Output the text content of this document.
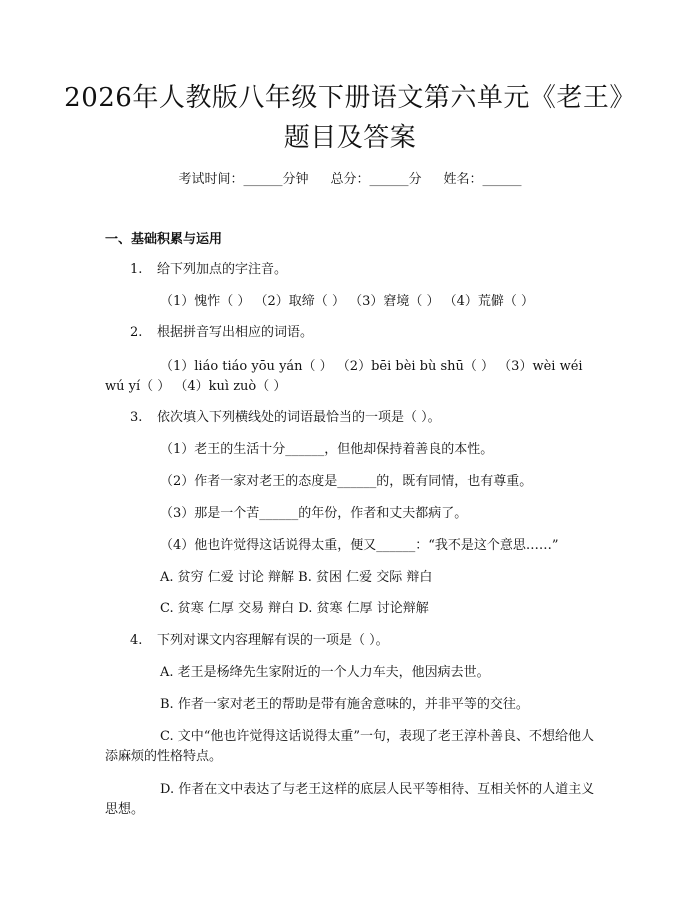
2026年人教版八年级下册语文第六单元《老王》题目及答案
考试时间：______分钟 总分：______分 姓名：______
一、基础积累与运用
1. 给下列加点的字注音。
（1）愧怍（ ） （2）取缔（ ） （3）窘境（ ） （4）荒僻（ ）
2. 根据拼音写出相应的词语。
（1）liáo tiáo yōu yán（ ） （2）bēi bèi bù shū（ ） （3）wèi wéi wú yí（ ） （4）kuì zuò（ ）
3. 依次填入下列横线处的词语最恰当的一项是（ ）。
（1）老王的生活十分______，但他却保持着善良的本性。
（2）作者一家对老王的态度是______的，既有同情，也有尊重。
（3）那是一个苦______的年份，作者和丈夫都病了。
（4）他也许觉得这话说得太重，便又______：“我不是这个意思……”
A. 贫穷 仁爱 讨论 辩解 B. 贫困 仁爱 交际 辩白
C. 贫寒 仁厚 交易 辩白 D. 贫寒 仁厚 讨论辩解
4. 下列对课文内容理解有误的一项是（ ）。
A. 老王是杨绛先生家附近的一个人力车夫，他因病去世。
B. 作者一家对老王的帮助是带有施舍意味的，并非平等的交往。
C. 文中“他也许觉得这话说得太重”一句，表现了老王淳朴善良、不想给他人添麻烦的性格特点。
D. 作者在文中表达了与老王这样的底层人民平等相待、互相关怀的人道主义思想。
